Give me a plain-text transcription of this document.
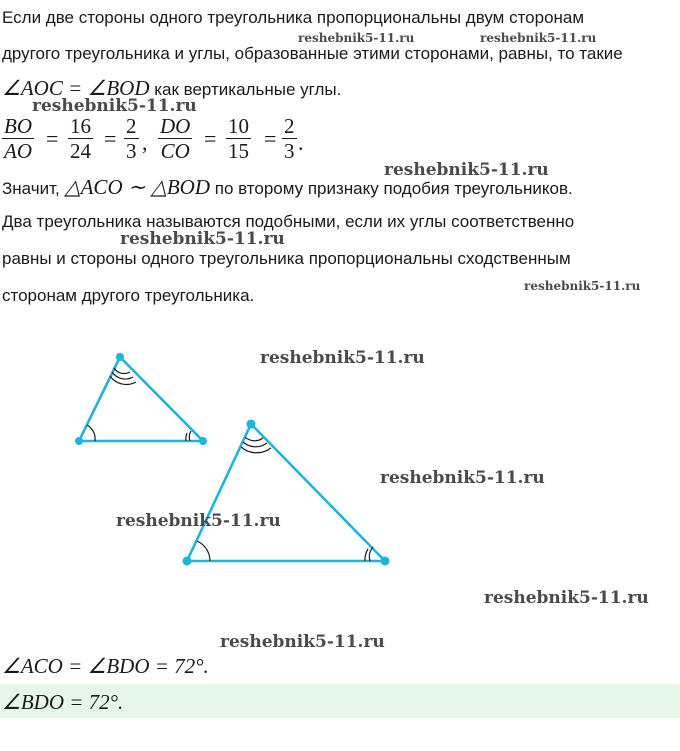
Если две стороны одного треугольника пропорциональны двум сторонам
другого треугольника и углы, образованные этими сторонами, равны, то такие
∠AOC = ∠BOD как вертикальные углы.
$\frac{BO}{AO} = \frac{16}{24} = \frac{2}{3}$ , $\frac{DO}{CO} = \frac{10}{15} = \frac{2}{3}$ .
Значит, △ACO ∼ △BOD по второму признаку подобия треугольников.
Два треугольника называются подобными, если их углы соответственно
равны и стороны одного треугольника пропорциональны сходственным
сторонам другого треугольника.
reshebnik5-11.ru	reshebnik5-11.ru
reshebnik5-11.ru
reshebnik5-11.ru
reshebnik5-11.ru
reshebnik5-11.ru
reshebnik5-11.ru
reshebnik5-11.ru
reshebnik5-11.ru
reshebnik5-11.ru
reshebnik5-11.ru
∠ACO = ∠BDO = 72°.
∠BDO = 72°.
